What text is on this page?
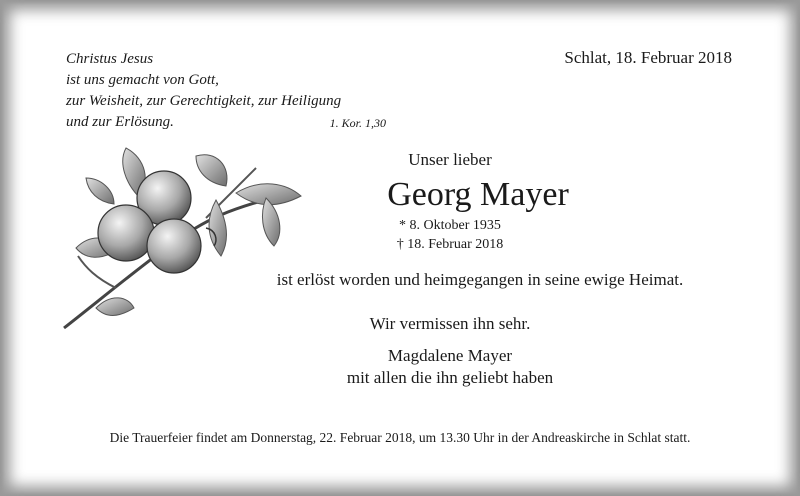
Christus Jesus
ist uns gemacht von Gott,
zur Weisheit, zur Gerechtigkeit, zur Heiligung
und zur Erlösung.	1. Kor. 1,30
Schlat, 18. Februar 2018
Unser lieber
Georg Mayer
* 8. Oktober 1935
† 18. Februar 2018
ist erlöst worden und heimgegangen in seine ewige Heimat.
Wir vermissen ihn sehr.
Magdalene Mayer
mit allen die ihn geliebt haben
Die Trauerfeier findet am Donnerstag, 22. Februar 2018, um 13.30 Uhr in der Andreaskirche in Schlat statt.
